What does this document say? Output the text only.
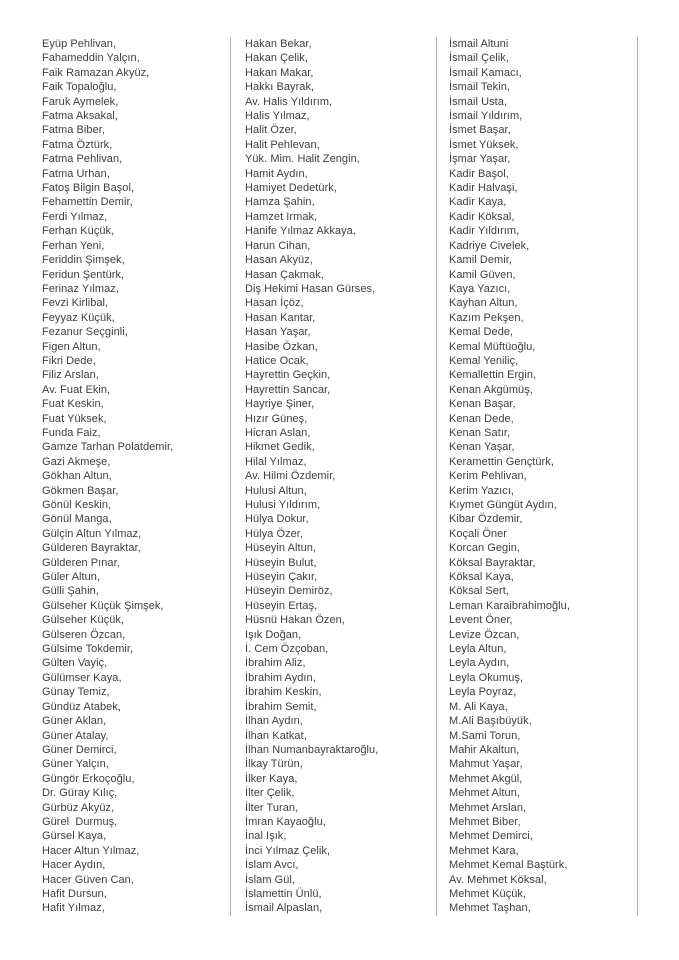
Eyüp Pehlivan,
Fahameddin Yalçın,
Faik Ramazan Akyüz,
Faik Topaloğlu,
Faruk Aymelek,
Fatma Aksakal,
Fatma Biber,
Fatma Öztürk,
Fatma Pehlivan,
Fatma Urhan,
Fatoş Bilgin Başol,
Fehamettin Demir,
Ferdi Yılmaz,
Ferhan Küçük,
Ferhan Yeni,
Feriddin Şimşek,
Feridun Şentürk,
Ferinaz Yılmaz,
Fevzi Kirlibal,
Feyyaz Küçük,
Fezanur Seçginli,
Figen Altun,
Fikri Dede,
Filiz Arslan,
Av. Fuat Ekin,
Fuat Keskin,
Fuat Yüksek,
Funda Faiz,
Gamze Tarhan Polatdemir,
Gazi Akmeşe,
Gökhan Altun,
Gökmen Başar,
Gönül Keskin,
Gönül Manga,
Gülçin Altun Yılmaz,
Gülderen Bayraktar,
Gülderen Pınar,
Güler Altun,
Gülli Şahin,
Gülseher Küçük Şimşek,
Gülseher Küçük,
Gülseren Özcan,
Gülsime Tokdemir,
Gülten Vayiç,
Gülümser Kaya,
Günay Temiz,
Gündüz Atabek,
Güner Aklan,
Güner Atalay,
Güner Demirci,
Güner Yalçın,
Güngör Erkoçoğlu,
Dr. Güray Kılıç,
Gürbüz Akyüz,
Gürel  Durmuş,
Gürsel Kaya,
Hacer Altun Yılmaz,
Hacer Aydın,
Hacer Güven Can,
Hafit Dursun,
Hafit Yılmaz,
Hakan Bekar,
Hakan Çelik,
Hakan Makar,
Hakkı Bayrak,
Av. Halis Yıldırım,
Halis Yılmaz,
Halit Özer,
Halit Pehlevan,
Yük. Mim. Halit Zengin,
Hamit Aydın,
Hamiyet Dedetürk,
Hamza Şahin,
Hamzet Irmak,
Hanife Yılmaz Akkaya,
Harun Cihan,
Hasan Akyüz,
Hasan Çakmak,
Diş Hekimi Hasan Gürses,
Hasan İçöz,
Hasan Kantar,
Hasan Yaşar,
Hasibe Özkan,
Hatice Ocak,
Hayrettin Geçkin,
Hayrettin Sancar,
Hayriye Şiner,
Hızır Güneş,
Hicran Aslan,
Hikmet Gedik,
Hilal Yılmaz,
Av. Hilmi Özdemir,
Hulusi Altun,
Hulusi Yıldırım,
Hülya Dokur,
Hülya Özer,
Hüseyin Altun,
Hüseyin Bulut,
Hüseyin Çakır,
Hüseyin Demiröz,
Hüseyin Ertaş,
Hüsnü Hakan Özen,
Işık Doğan,
İ. Cem Özçoban,
İbrahim Aliz,
İbrahim Aydın,
İbrahim Keskin,
İbrahim Semit,
İlhan Aydın,
İlhan Katkat,
İlhan Numanbayraktaroğlu,
İlkay Türün,
İlker Kaya,
İlter Çelik,
İlter Turan,
İmran Kayaoğlu,
İnal Işık,
İnci Yılmaz Çelik,
İslam Avcı,
İslam Gül,
İslamettin Ünlü,
İsmail Alpaslan,
İsmail Altuni
İsmail Çelik,
İsmail Kamacı,
İsmail Tekin,
İsmail Usta,
İsmail Yıldırım,
İsmet Başar,
İsmet Yüksek,
İşmar Yaşar,
Kadir Başol,
Kadir Halvaşi,
Kadir Kaya,
Kadir Köksal,
Kadir Yıldırım,
Kadriye Civelek,
Kamil Demir,
Kamil Güven,
Kaya Yazıcı,
Kayhan Altun,
Kazım Pekşen,
Kemal Dede,
Kemal Müftüoğlu,
Kemal Yeniliç,
Kemallettin Ergin,
Kenan Akgümüş,
Kenan Başar,
Kenan Dede,
Kenan Satır,
Kenan Yaşar,
Keramettin Gençtürk,
Kerim Pehlivan,
Kerim Yazıcı,
Kıymet Güngüt Aydın,
Kibar Özdemir,
Koçali Öner
Korcan Gegin,
Köksal Bayraktar,
Köksal Kaya,
Köksal Sert,
Leman Karaibrahimoğlu,
Levent Öner,
Levize Özcan,
Leyla Altun,
Leyla Aydın,
Leyla Okumuş,
Leyla Poyraz,
M. Ali Kaya,
M.Ali Başıbüyük,
M.Sami Torun,
Mahir Akaltun,
Mahmut Yaşar,
Mehmet Akgül,
Mehmet Altun,
Mehmet Arslan,
Mehmet Biber,
Mehmet Demirci,
Mehmet Kara,
Mehmet Kemal Baştürk,
Av. Mehmet Köksal,
Mehmet Küçük,
Mehmet Taşhan,
